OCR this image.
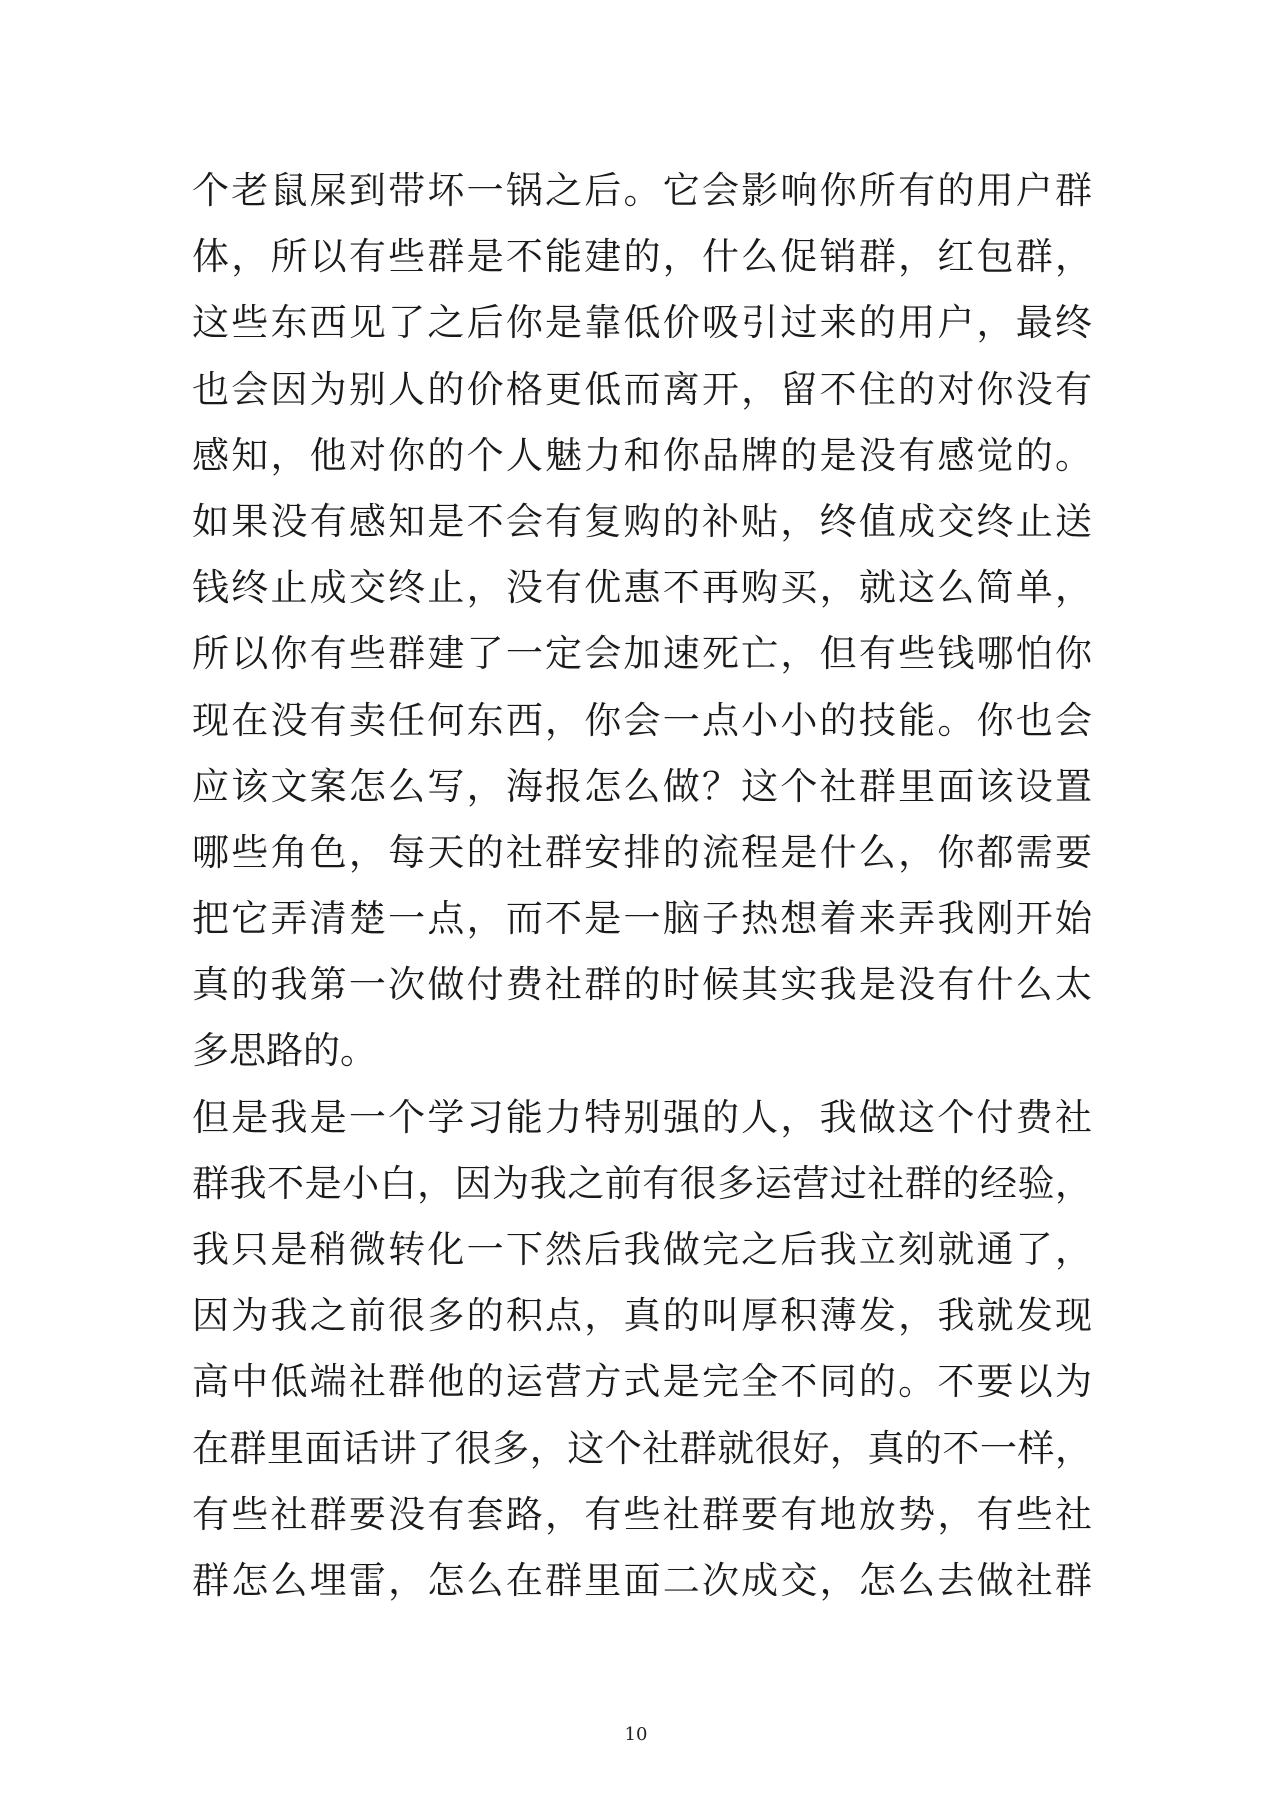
个老鼠屎到带坏一锅之后。它会影响你所有的用户群
体，所以有些群是不能建的，什么促销群，红包群，
这些东西见了之后你是靠低价吸引过来的用户，最终
也会因为别人的价格更低而离开，留不住的对你没有
感知，他对你的个人魅力和你品牌的是没有感觉的。
如果没有感知是不会有复购的补贴，终值成交终止送
钱终止成交终止，没有优惠不再购买，就这么简单，
所以你有些群建了一定会加速死亡，但有些钱哪怕你
现在没有卖任何东西，你会一点小小的技能。你也会
应该文案怎么写，海报怎么做？这个社群里面该设置
哪些角色，每天的社群安排的流程是什么，你都需要
把它弄清楚一点，而不是一脑子热想着来弄我刚开始
真的我第一次做付费社群的时候其实我是没有什么太
多思路的。
但是我是一个学习能力特别强的人，我做这个付费社
群我不是小白，因为我之前有很多运营过社群的经验，
我只是稍微转化一下然后我做完之后我立刻就通了，
因为我之前很多的积点，真的叫厚积薄发，我就发现
高中低端社群他的运营方式是完全不同的。不要以为
在群里面话讲了很多，这个社群就很好，真的不一样，
有些社群要没有套路，有些社群要有地放势，有些社
群怎么埋雷，怎么在群里面二次成交，怎么去做社群
10
